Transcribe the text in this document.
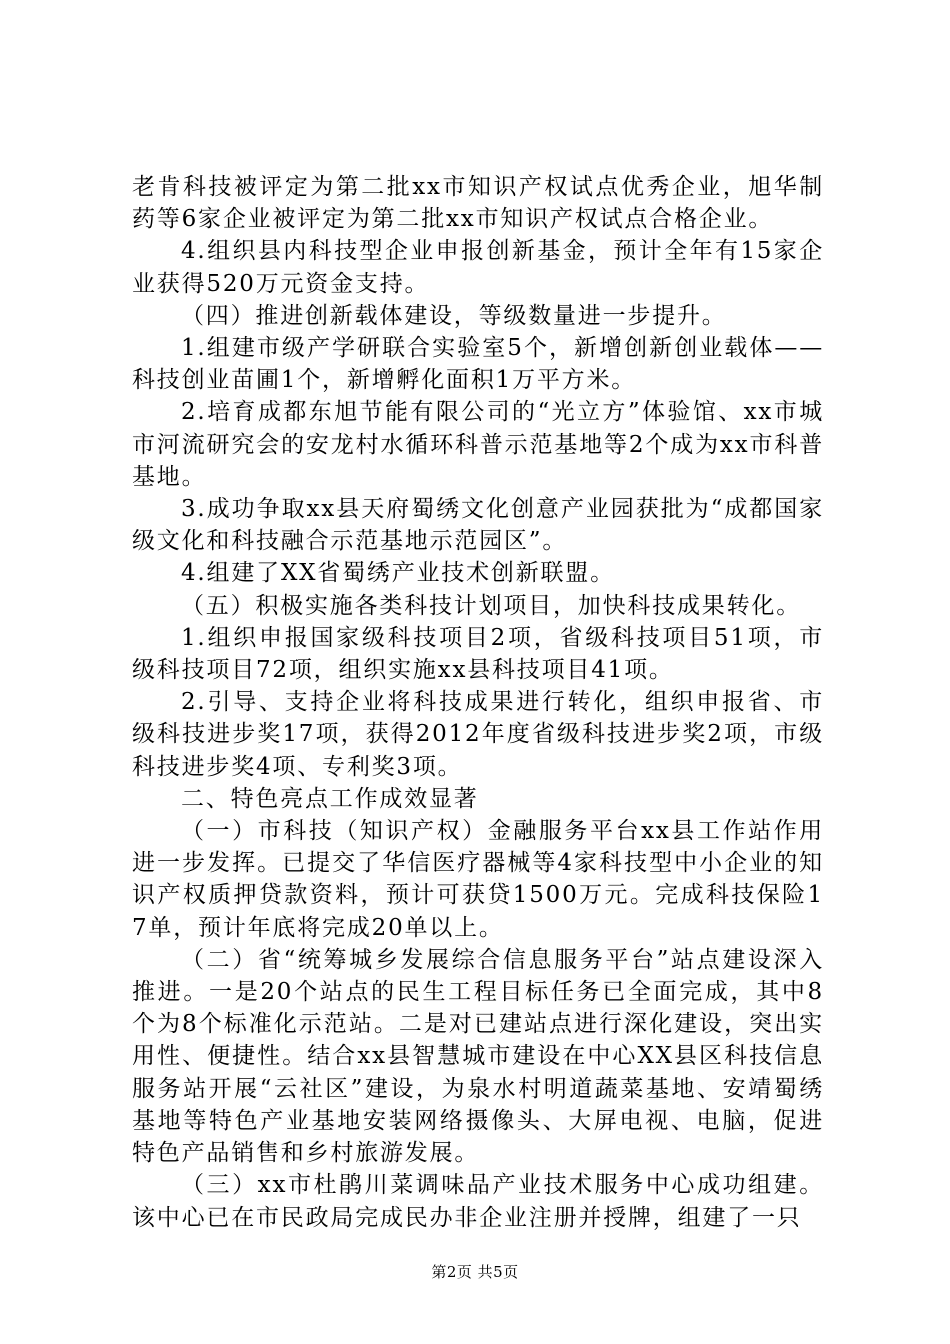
老肯科技被评定为第二批xx市知识产权试点优秀企业，旭华制药等6家企业被评定为第二批xx市知识产权试点合格企业。

4.组织县内科技型企业申报创新基金，预计全年有15家企业获得520万元资金支持。

（四）推进创新载体建设，等级数量进一步提升。

1.组建市级产学研联合实验室5个，新增创新创业载体——科技创业苗圃1个，新增孵化面积1万平方米。

2.培育成都东旭节能有限公司的“光立方”体验馆、xx市城市河流研究会的安龙村水循环科普示范基地等2个成为xx市科普基地。

3.成功争取xx县天府蜀绣文化创意产业园获批为“成都国家级文化和科技融合示范基地示范园区”。

4.组建了XX省蜀绣产业技术创新联盟。

（五）积极实施各类科技计划项目，加快科技成果转化。

1.组织申报国家级科技项目2项，省级科技项目51项，市级科技项目72项，组织实施xx县科技项目41项。

2.引导、支持企业将科技成果进行转化，组织申报省、市级科技进步奖17项，获得2012年度省级科技进步奖2项，市级科技进步奖4项、专利奖3项。

二、特色亮点工作成效显著

（一）市科技（知识产权）金融服务平台xx县工作站作用进一步发挥。已提交了华信医疗器械等4家科技型中小企业的知识产权质押贷款资料，预计可获贷1500万元。完成科技保险17单，预计年底将完成20单以上。

（二）省“统筹城乡发展综合信息服务平台”站点建设深入推进。一是20个站点的民生工程目标任务已全面完成，其中8个为8个标准化示范站。二是对已建站点进行深化建设，突出实用性、便捷性。结合xx县智慧城市建设在中心XX县区科技信息服务站开展“云社区”建设，为泉水村明道蔬菜基地、安靖蜀绣基地等特色产业基地安装网络摄像头、大屏电视、电脑，促进特色产品销售和乡村旅游发展。

（三）xx市杜鹃川菜调味品产业技术服务中心成功组建。该中心已在市民政局完成民办非企业注册并授牌，组建了一只

第2页 共5页
